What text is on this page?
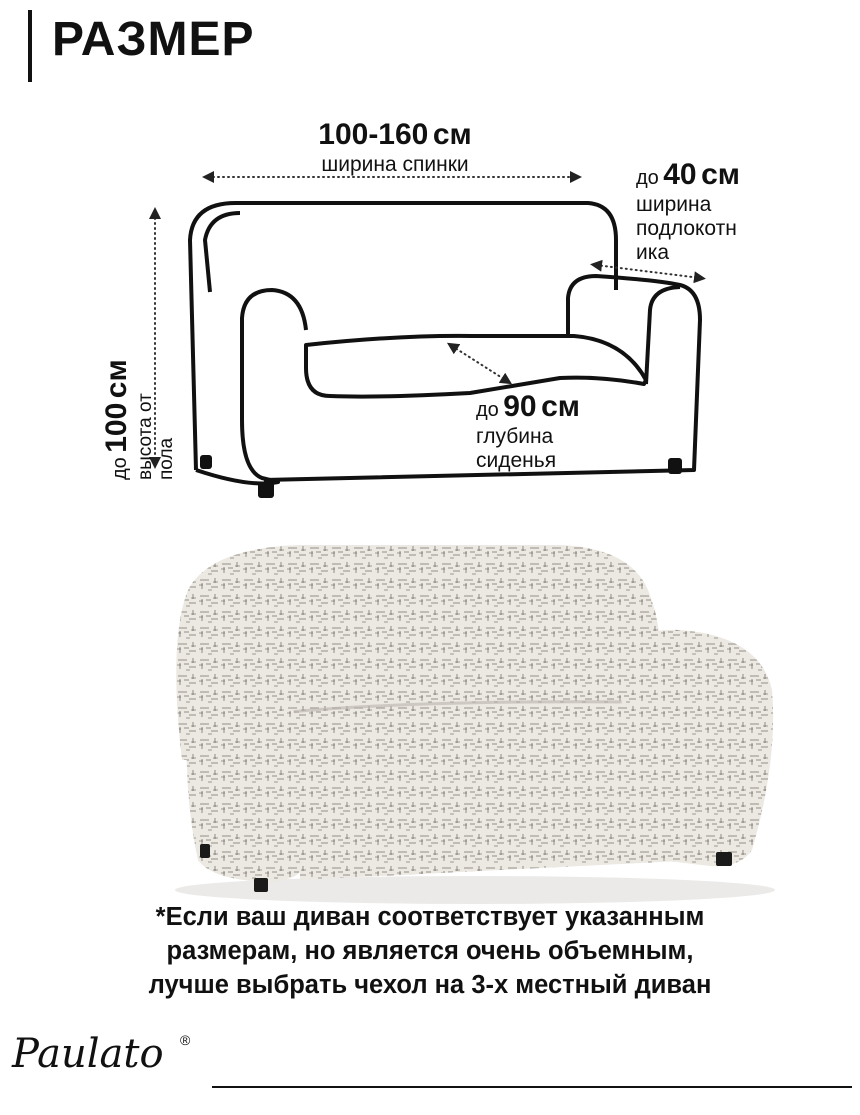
РАЗМЕР
100-160 см
ширина спинки
до 40 см
ширина
подлокотн
ика
до 90 см
глубина
сиденья
до 100 см
высота от пола
*Если ваш диван соответствует указанным
размерам, но является очень объемным,
лучше выбрать чехол на 3-х местный диван
Paulato ®
